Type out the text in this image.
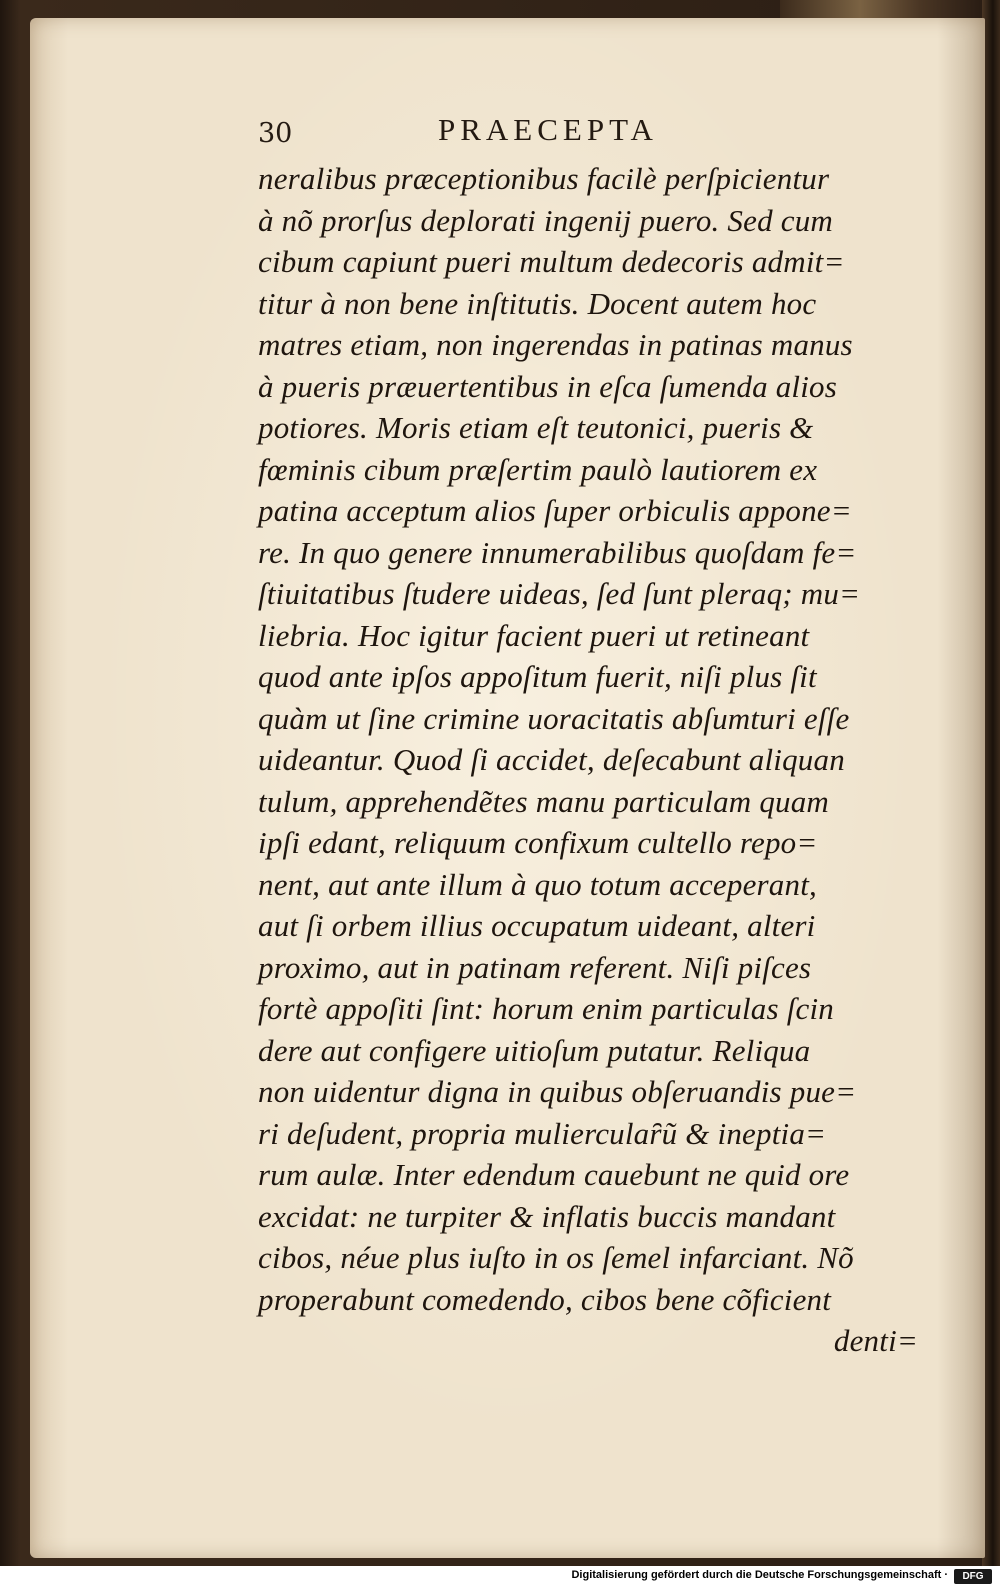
30	PRAECEPTA
neralibus præceptionibus facilè perſpicientur
à nõ prorſus deplorati ingenij puero. Sed cum
cibum capiunt pueri multum dedecoris admit=
titur à non bene inſtitutis. Docent autem hoc
matres etiam, non ingerendas in patinas manus
à pueris præuertentibus in eſca ſumenda alios
potiores. Moris etiam eſt teutonici, pueris &
fœminis cibum præſertim paulò lautiorem ex
patina acceptum alios ſuper orbiculis appone=
re. In quo genere innumerabilibus quoſdam fe=
ſtiuitatibus ſtudere uideas, ſed ſunt pleraq; mu=
liebria. Hoc igitur facient pueri ut retineant
quod ante ipſos appoſitum fuerit, niſi plus ſit
quàm ut ſine crimine uoracitatis abſumturi eſſe
uideantur. Quod ſi accidet, deſecabunt aliquan
tulum, apprehendẽtes manu particulam quam
ipſi edant, reliquum confixum cultello repo=
nent, aut ante illum à quo totum acceperant,
aut ſi orbem illius occupatum uideant, alteri
proximo, aut in patinam referent. Niſi piſces
fortè appoſiti ſint: horum enim particulas ſcin
dere aut configere uitioſum putatur. Reliqua
non uidentur digna in quibus obſeruandis pue=
ri deſudent, propria mulierculaȓũ & ineptia=
rum aulæ. Inter edendum cauebunt ne quid ore
excidat: ne turpiter & inflatis buccis mandant
cibos, néue plus iuſto in os ſemel infarciant. Nõ
properabunt comedendo, cibos bene cõficient
denti=
Digitalisierung gefördert durch die Deutsche Forschungsgemeinschaft ·	DFG
